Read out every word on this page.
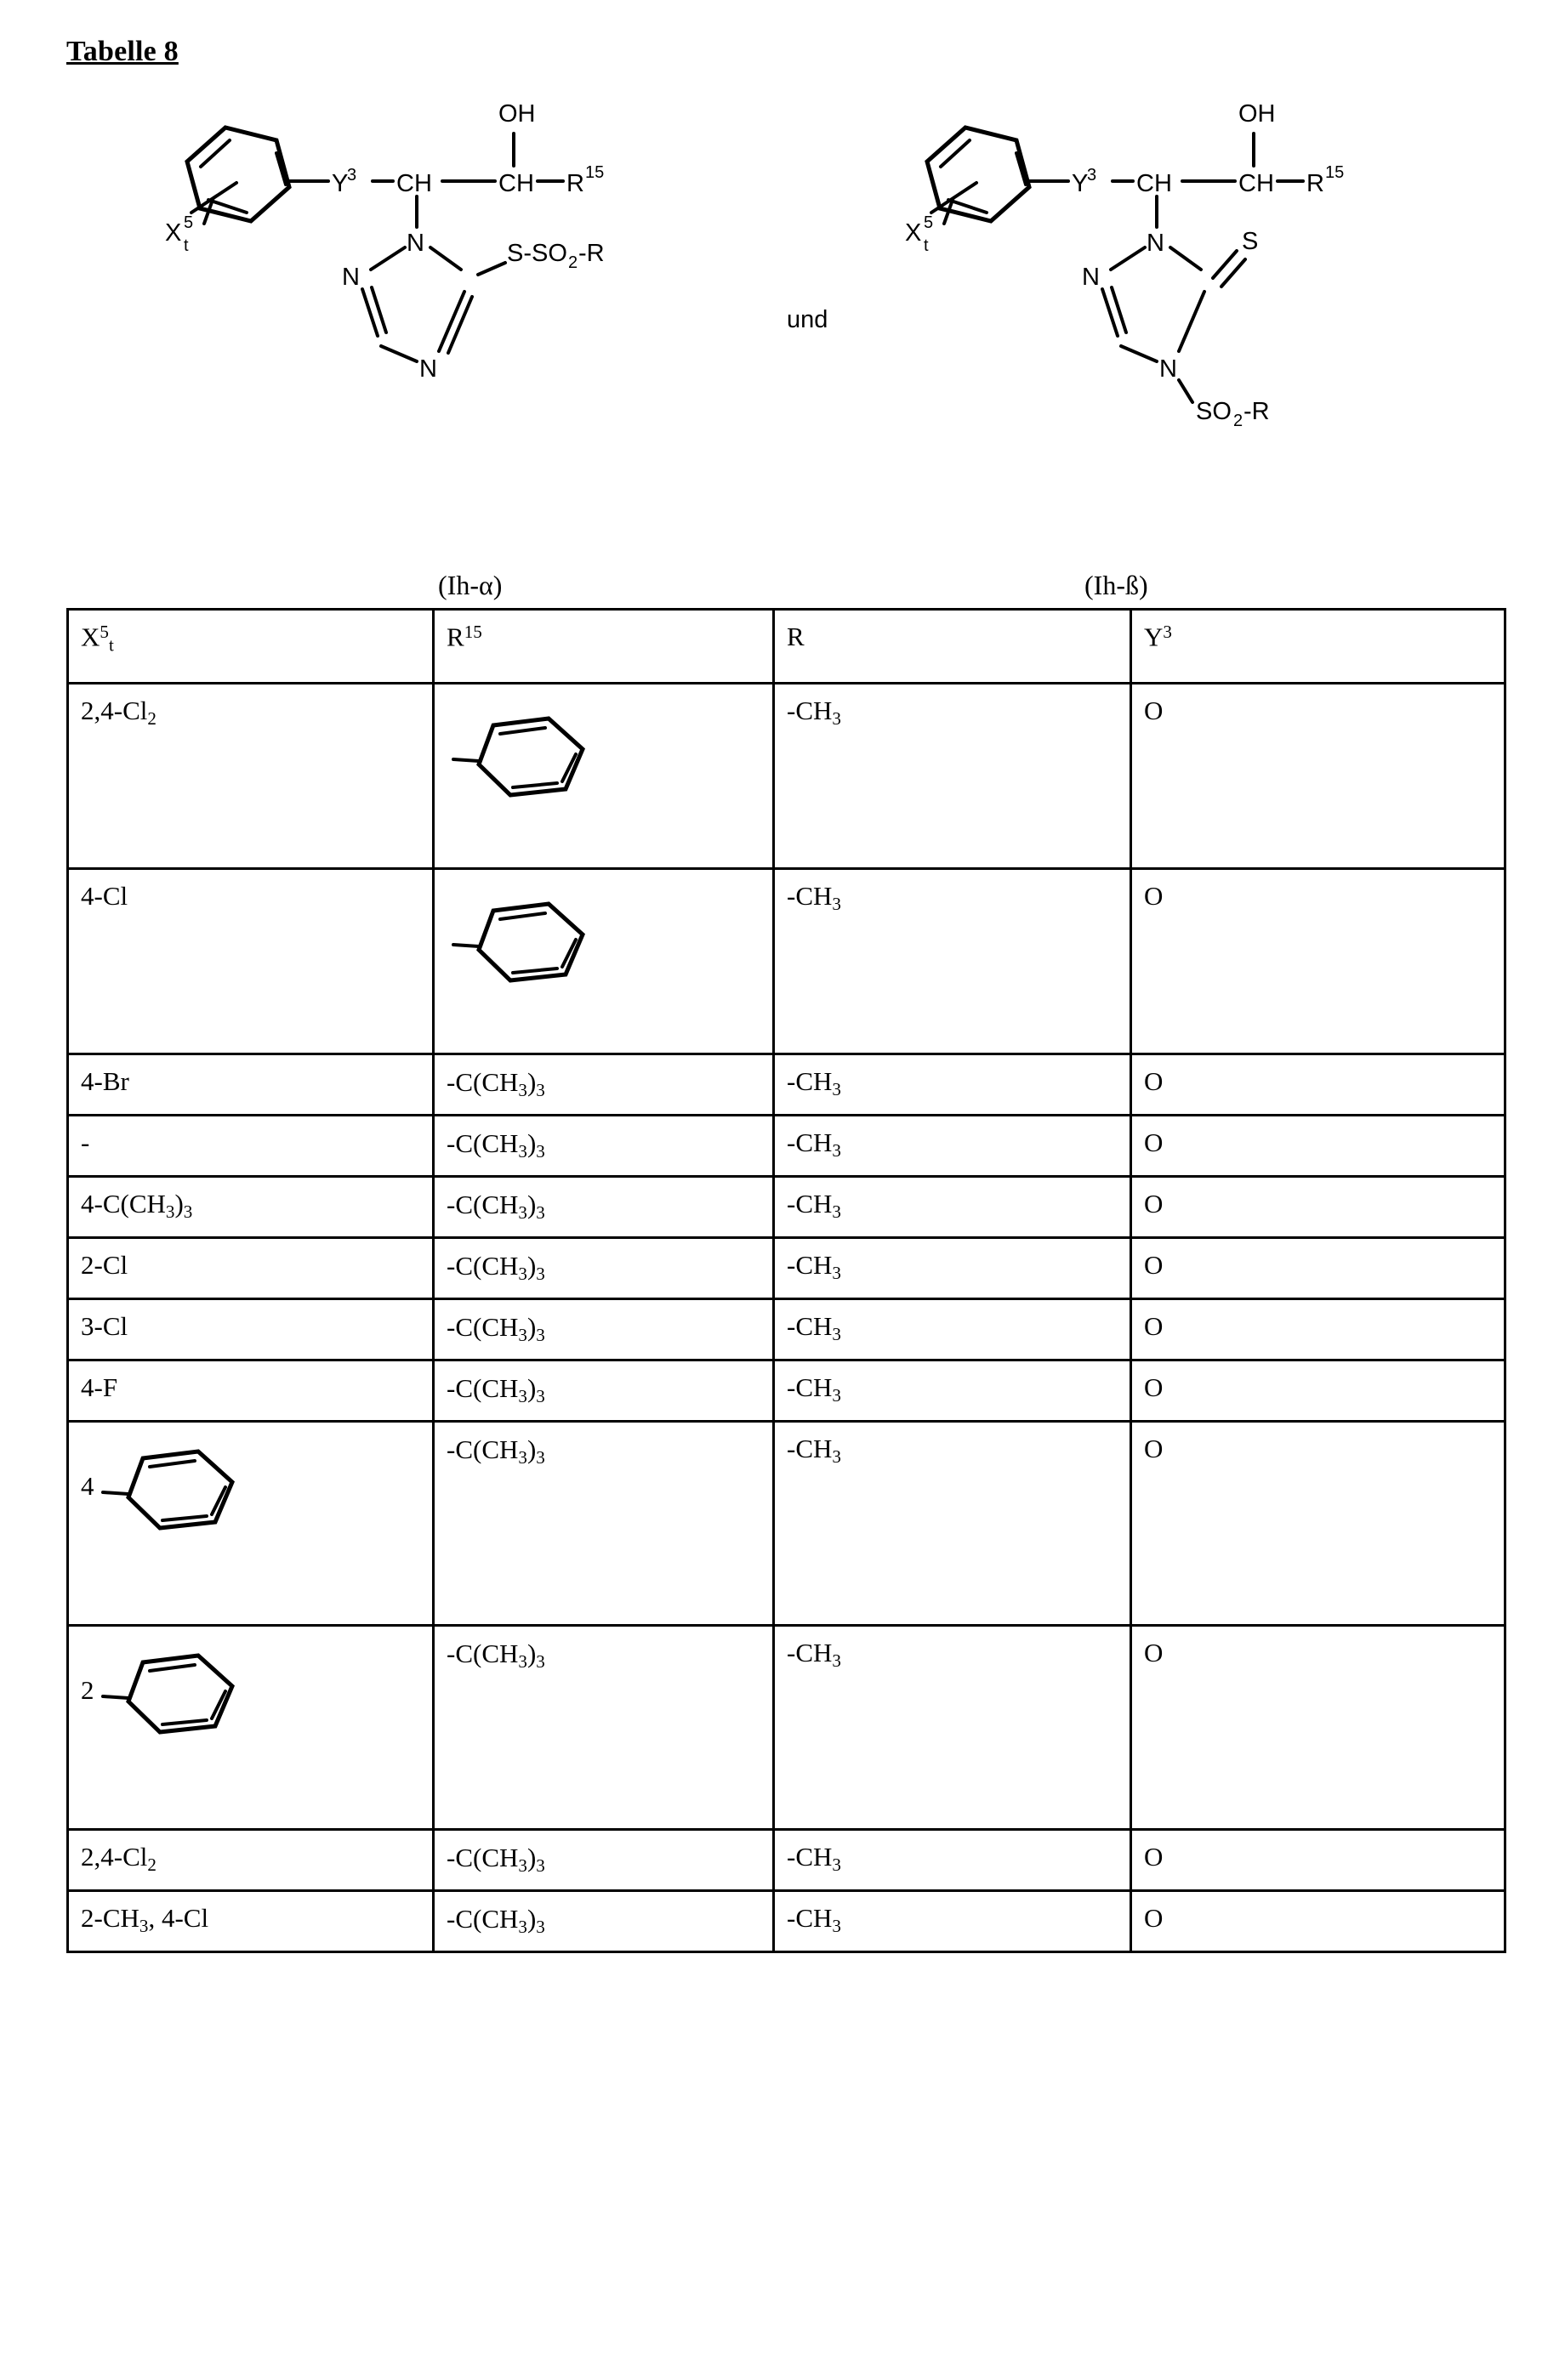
Tabelle 8
OH
Y
3 CH	CH R 15
X 5
t	N
N
N
S-SO 2 -R
und
OH
Y
3 CH	CH R 15
X 5
t	N
N
N
S
SO 2 -R
(Ih-α)	(Ih-ß)
$X^5_t$	$R^{15}$	R	$Y^3$
$2,4-Cl_2$		$-CH_3$	O
4-Cl		$-CH_3$	O
4-Br	$-C(CH_3)_3$	$-CH_3$	O
-	$-C(CH_3)_3$	$-CH_3$	O
$4-C(CH_3)_3$	$-C(CH_3)_3$	$-CH_3$	O
2-Cl	$-C(CH_3)_3$	$-CH_3$	O
3-Cl	$-C(CH_3)_3$	$-CH_3$	O
4-F	$-C(CH_3)_3$	$-CH_3$	O

4	$-C(CH_3)_3$	$-CH_3$	O

2	$-C(CH_3)_3$	$-CH_3$	O
$2,4-Cl_2$	$-C(CH_3)_3$	$-CH_3$	O
$2-CH_3$, 4-Cl	$-C(CH_3)_3$	$-CH_3$	O
